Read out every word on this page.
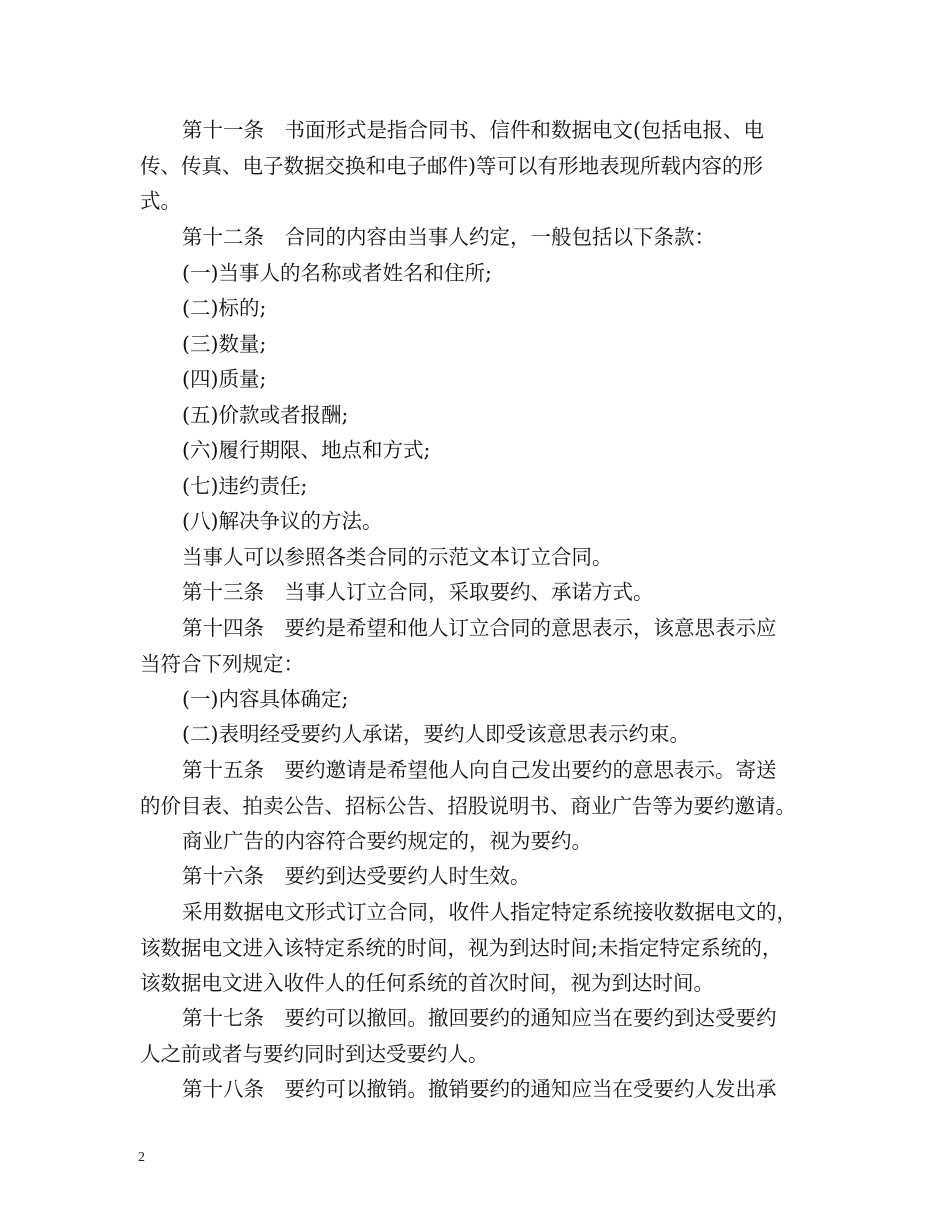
第十一条　书面形式是指合同书、信件和数据电文(包括电报、电
传、传真、电子数据交换和电子邮件)等可以有形地表现所载内容的形
式。
第十二条　合同的内容由当事人约定，一般包括以下条款：
(一)当事人的名称或者姓名和住所;
(二)标的;
(三)数量;
(四)质量;
(五)价款或者报酬;
(六)履行期限、地点和方式;
(七)违约责任;
(八)解决争议的方法。
当事人可以参照各类合同的示范文本订立合同。
第十三条　当事人订立合同，采取要约、承诺方式。
第十四条　要约是希望和他人订立合同的意思表示，该意思表示应
当符合下列规定：
(一)内容具体确定;
(二)表明经受要约人承诺，要约人即受该意思表示约束。
第十五条　要约邀请是希望他人向自己发出要约的意思表示。寄送
的价目表、拍卖公告、招标公告、招股说明书、商业广告等为要约邀请。
商业广告的内容符合要约规定的，视为要约。
第十六条　要约到达受要约人时生效。
采用数据电文形式订立合同，收件人指定特定系统接收数据电文的，
该数据电文进入该特定系统的时间，视为到达时间;未指定特定系统的，
该数据电文进入收件人的任何系统的首次时间，视为到达时间。
第十七条　要约可以撤回。撤回要约的通知应当在要约到达受要约
人之前或者与要约同时到达受要约人。
第十八条　要约可以撤销。撤销要约的通知应当在受要约人发出承
2
